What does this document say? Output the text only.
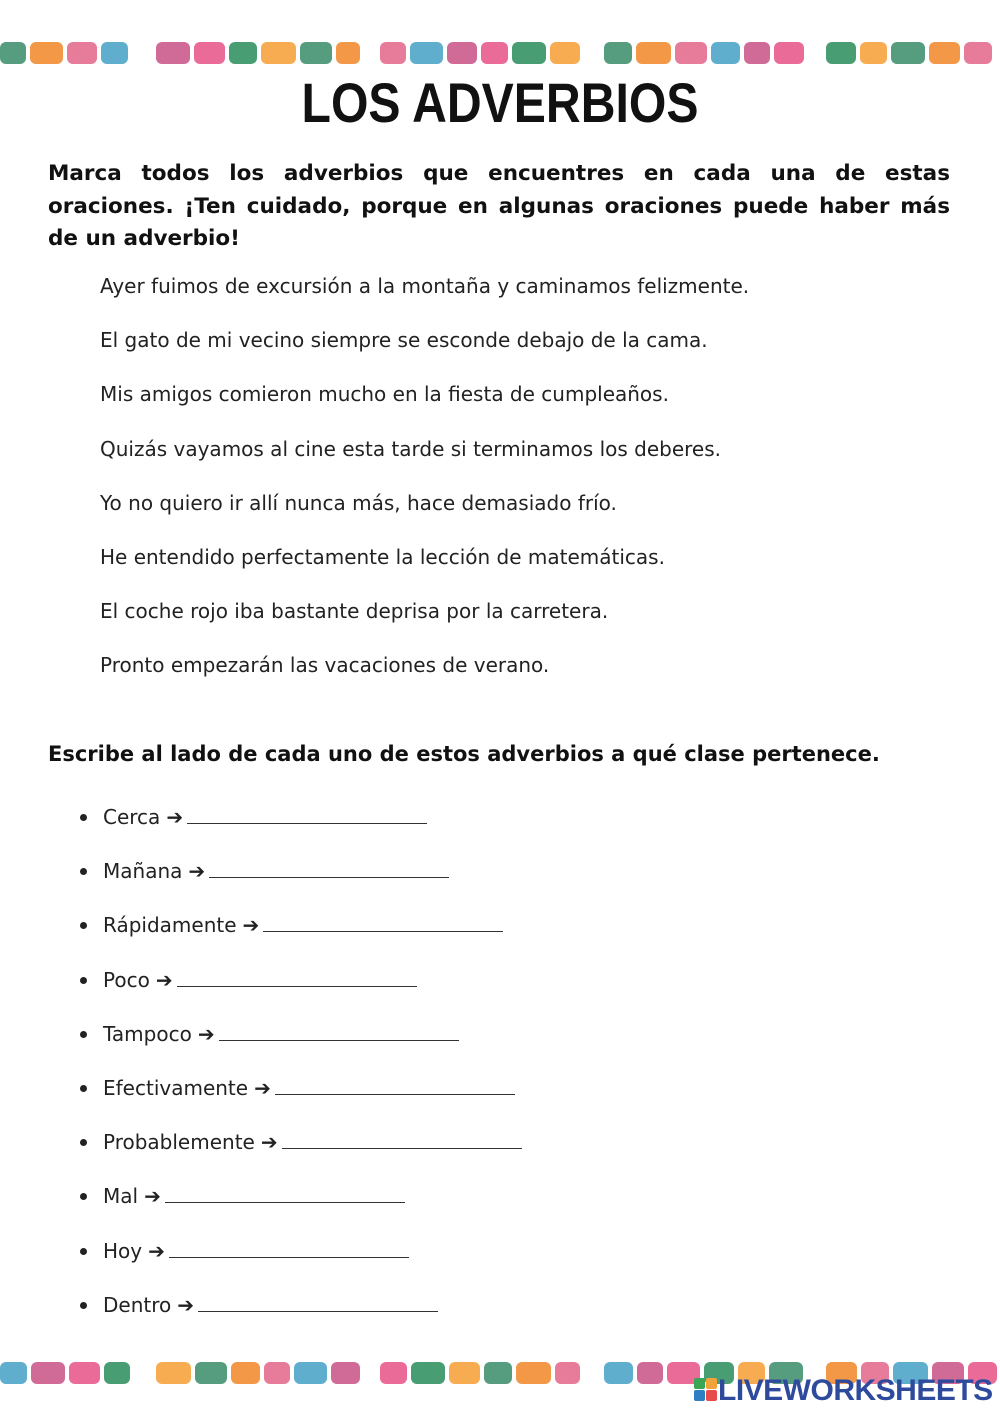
LOS ADVERBIOS
Marca todos los adverbios que encuentres en cada una de estas oraciones. ¡Ten cuidado, porque en algunas oraciones puede haber más de un adverbio!
Ayer fuimos de excursión a la montaña y caminamos felizmente.
El gato de mi vecino siempre se esconde debajo de la cama.
Mis amigos comieron mucho en la fiesta de cumpleaños.
Quizás vayamos al cine esta tarde si terminamos los deberes.
Yo no quiero ir allí nunca más, hace demasiado frío.
He entendido perfectamente la lección de matemáticas.
El coche rojo iba bastante deprisa por la carretera.
Pronto empezarán las vacaciones de verano.
Escribe al lado de cada uno de estos adverbios a qué clase pertenece.
Cerca ➔
Mañana ➔
Rápidamente ➔
Poco ➔
Tampoco ➔
Efectivamente ➔
Probablemente ➔
Mal ➔
Hoy ➔
Dentro ➔
LIVEWORKSHEETS
